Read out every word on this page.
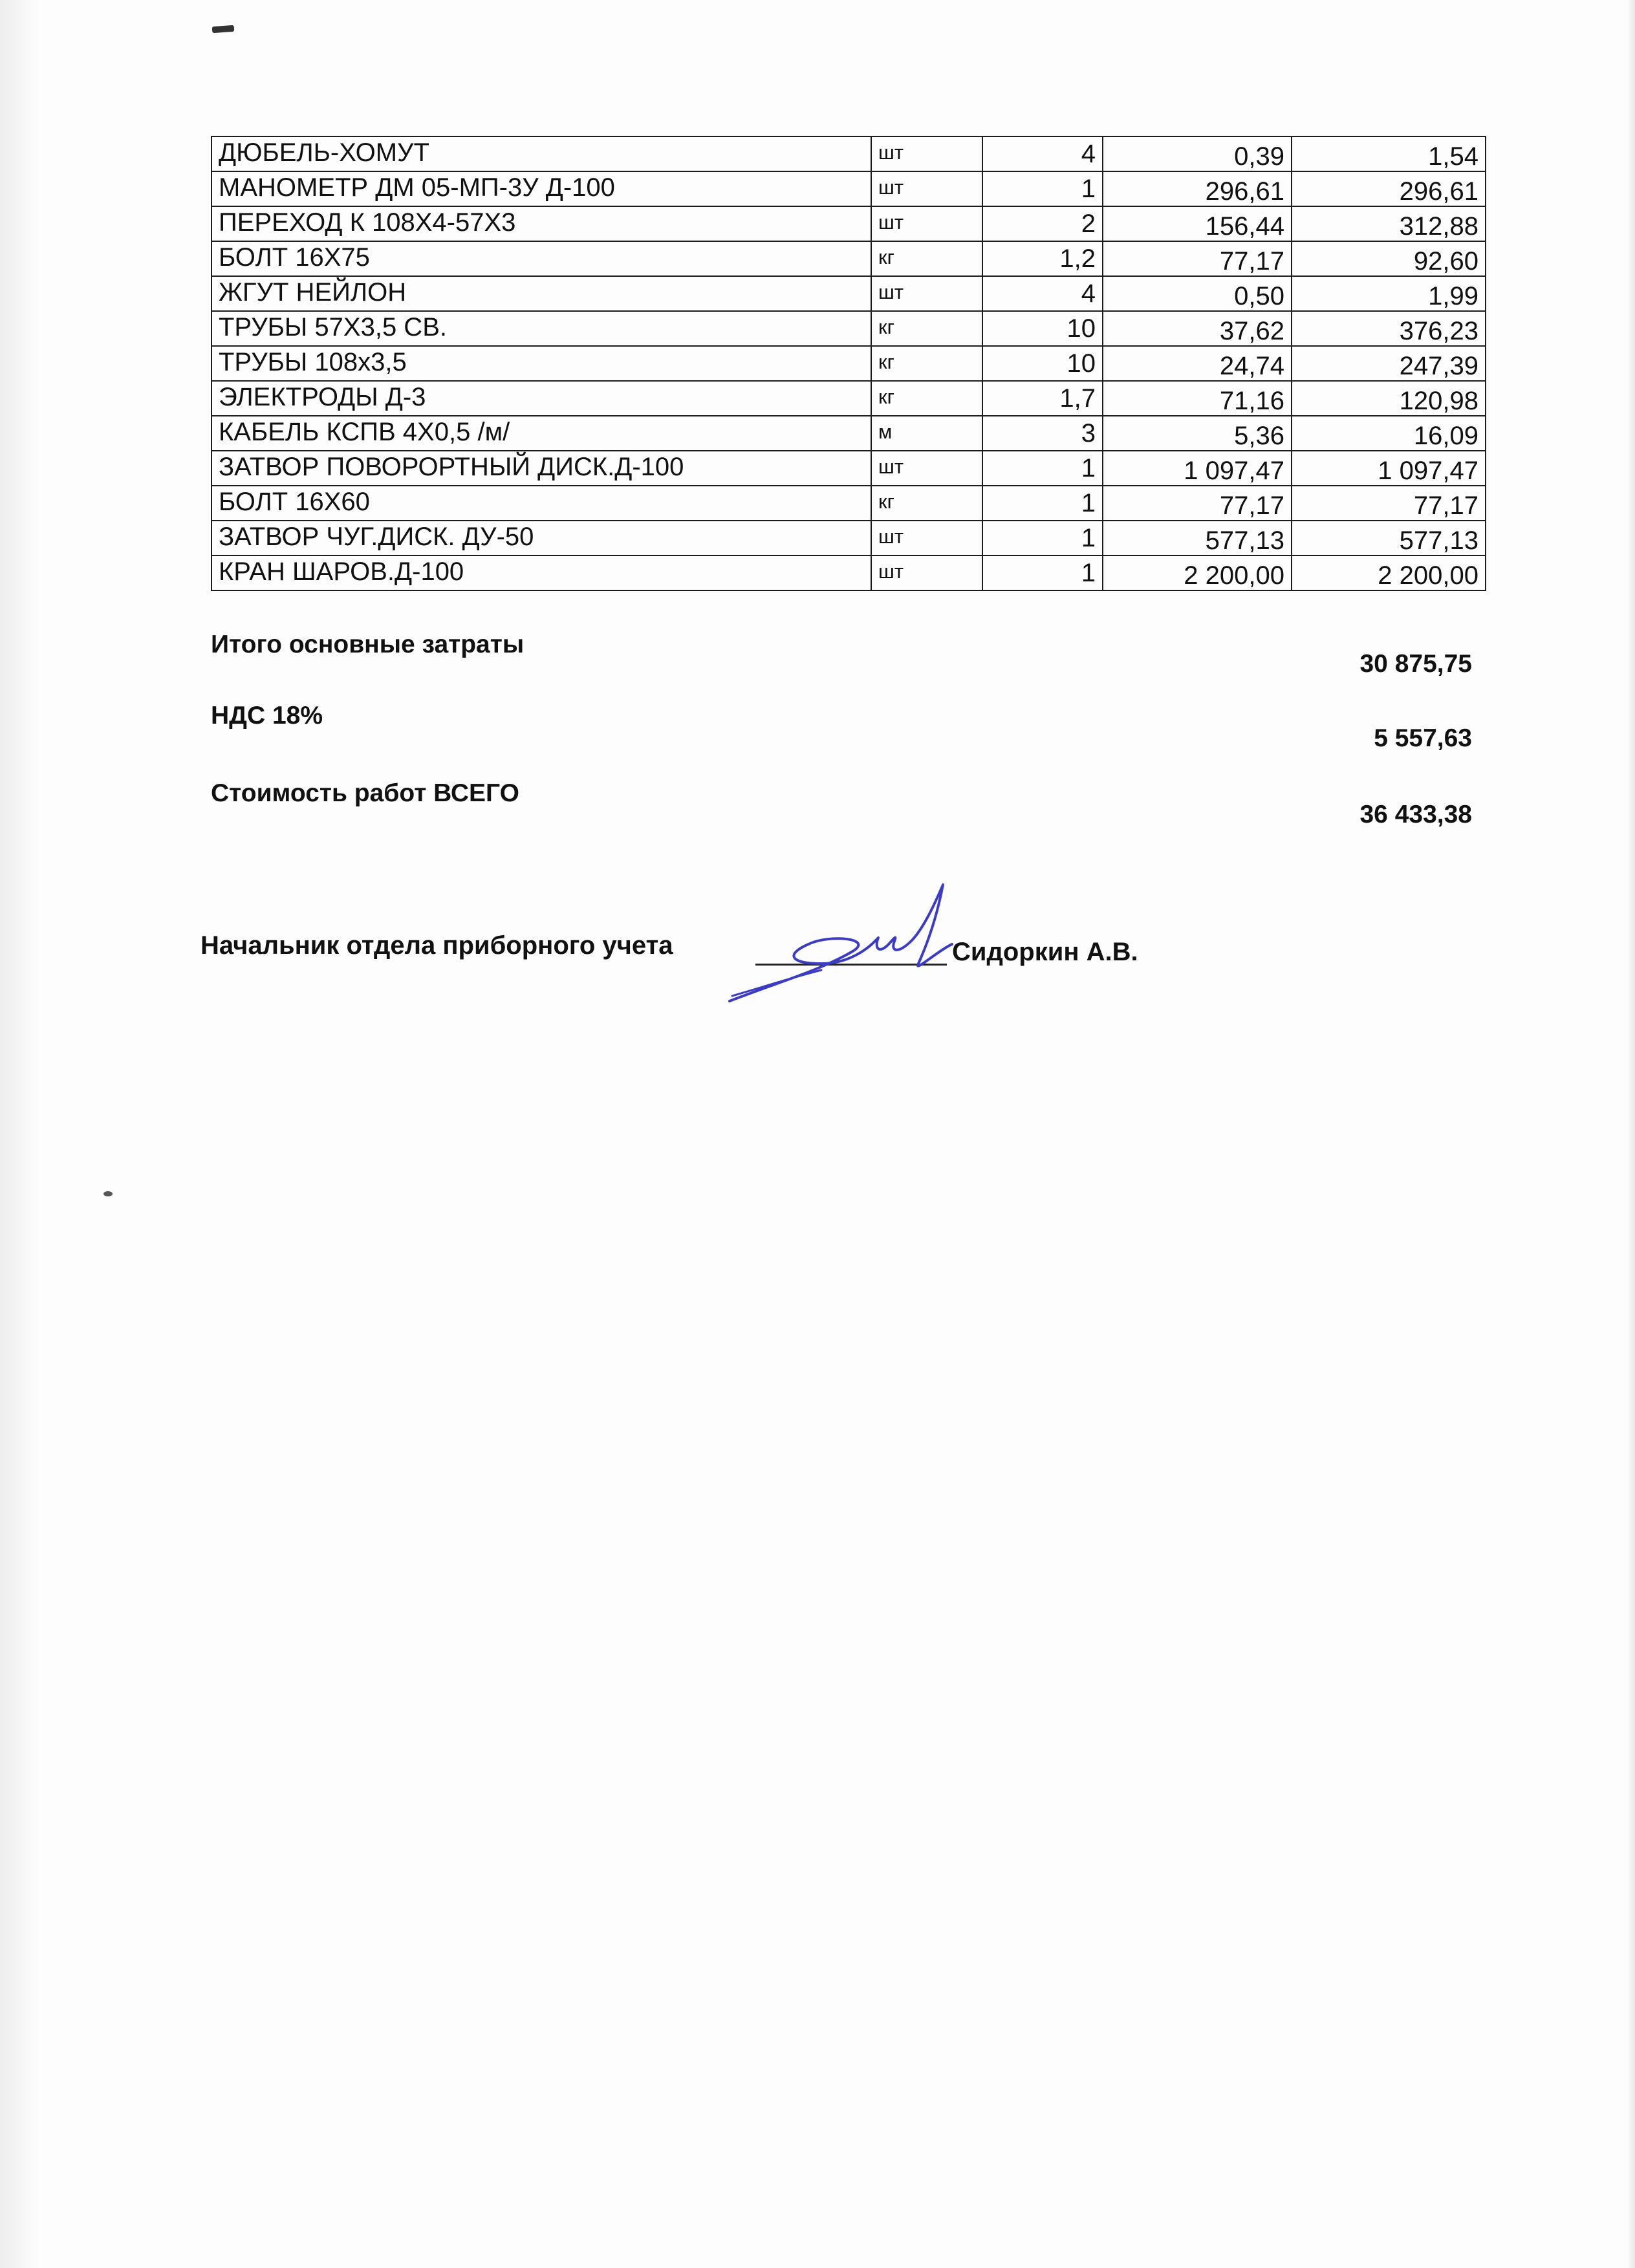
ДЮБЕЛЬ-ХОМУТ	шт	4	0,39	1,54
МАНОМЕТР ДМ 05-МП-3У Д-100	шт	1	296,61	296,61
ПЕРЕХОД К 108Х4-57Х3	шт	2	156,44	312,88
БОЛТ 16Х75	кг	1,2	77,17	92,60
ЖГУТ НЕЙЛОН	шт	4	0,50	1,99
ТРУБЫ 57Х3,5 СВ.	кг	10	37,62	376,23
ТРУБЫ 108х3,5	кг	10	24,74	247,39
ЭЛЕКТРОДЫ Д-3	кг	1,7	71,16	120,98
КАБЕЛЬ КСПВ 4Х0,5 /м/	м	3	5,36	16,09
ЗАТВОР ПОВОРОРТНЫЙ ДИСК.Д-100	шт	1	1 097,47	1 097,47
БОЛТ 16Х60	кг	1	77,17	77,17
ЗАТВОР ЧУГ.ДИСК. ДУ-50	шт	1	577,13	577,13
КРАН ШАРОВ.Д-100	шт	1	2 200,00	2 200,00
Итого основные затраты
30 875,75
НДС 18%
5 557,63
Стоимость работ ВСЕГО
36 433,38
Начальник отдела приборного учета	Сидоркин А.В.
